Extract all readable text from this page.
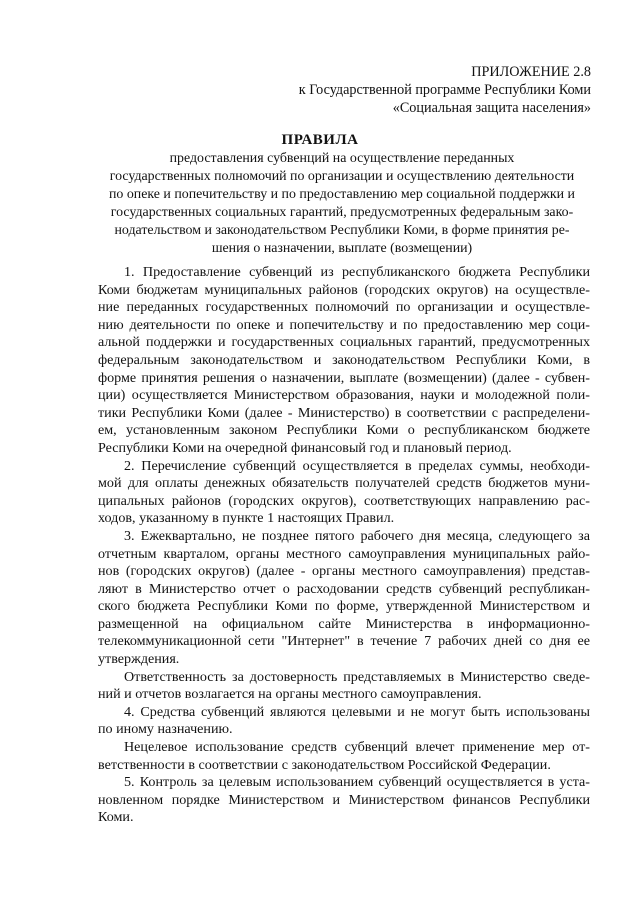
ПРИЛОЖЕНИЕ 2.8
к Государственной программе Республики Коми
«Социальная защита населения»
ПРАВИЛА
предоставления субвенций на осуществление переданных
государственных полномочий по организации и осуществлению деятельности
по опеке и попечительству и по предоставлению мер социальной поддержки и
государственных социальных гарантий, предусмотренных федеральным зако-
нодательством и законодательством Республики Коми, в форме принятия ре-
шения о назначении, выплате (возмещении)
1. Предоставление субвенций из республиканского бюджета Республики
Коми бюджетам муниципальных районов (городских округов) на осуществле-
ние переданных государственных полномочий по организации и осуществле-
нию деятельности по опеке и попечительству и по предоставлению мер соци-
альной поддержки и государственных социальных гарантий, предусмотренных
федеральным законодательством и законодательством Республики Коми, в
форме принятия решения о назначении, выплате (возмещении) (далее - субвен-
ции) осуществляется Министерством образования, науки и молодежной поли-
тики Республики Коми (далее - Министерство) в соответствии с распределени-
ем, установленным законом Республики Коми о республиканском бюджете
Республики Коми на очередной финансовый год и плановый период.
2. Перечисление субвенций осуществляется в пределах суммы, необходи-
мой для оплаты денежных обязательств получателей средств бюджетов муни-
ципальных районов (городских округов), соответствующих направлению рас-
ходов, указанному в пункте 1 настоящих Правил.
3. Ежеквартально, не позднее пятого рабочего дня месяца, следующего за
отчетным кварталом, органы местного самоуправления муниципальных райо-
нов (городских округов) (далее - органы местного самоуправления) представ-
ляют в Министерство отчет о расходовании средств субвенций республикан-
ского бюджета Республики Коми по форме, утвержденной Министерством и
размещенной на официальном сайте Министерства в информационно-
телекоммуникационной сети "Интернет" в течение 7 рабочих дней со дня ее
утверждения.
Ответственность за достоверность представляемых в Министерство сведе-
ний и отчетов возлагается на органы местного самоуправления.
4. Средства субвенций являются целевыми и не могут быть использованы
по иному назначению.
Нецелевое использование средств субвенций влечет применение мер от-
ветственности в соответствии с законодательством Российской Федерации.
5. Контроль за целевым использованием субвенций осуществляется в уста-
новленном порядке Министерством и Министерством финансов Республики
Коми.
